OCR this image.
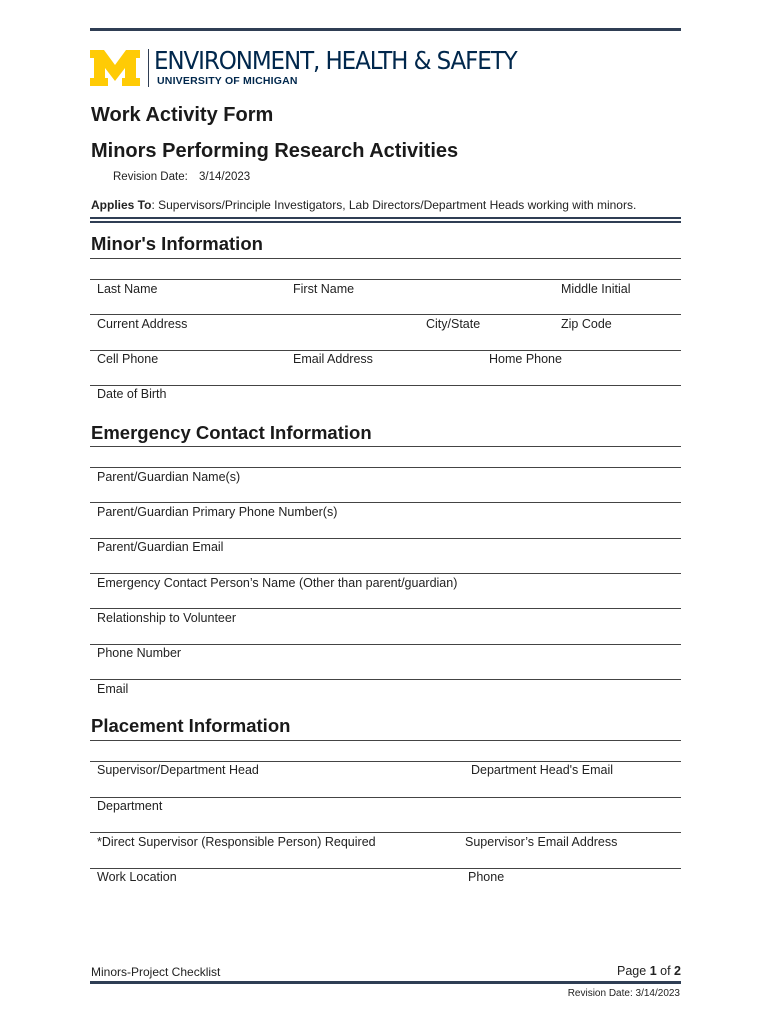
ENVIRONMENT, HEALTH & SAFETY
UNIVERSITY OF MICHIGAN
Work Activity Form
Minors Performing Research Activities
Revision Date: 3/14/2023
Applies To: Supervisors/Principle Investigators, Lab Directors/Department Heads working with minors.
Minor's Information
Last Name	First Name	Middle Initial
Current Address	City/State	Zip Code
Cell Phone	Email Address	Home Phone
Date of Birth
Emergency Contact Information
Parent/Guardian Name(s)
Parent/Guardian Primary Phone Number(s)
Parent/Guardian Email
Emergency Contact Person’s Name (Other than parent/guardian)
Relationship to Volunteer
Phone Number
Email
Placement Information
Supervisor/Department Head	Department Head's Email
Department
*Direct Supervisor (Responsible Person) Required	Supervisor’s Email Address
Work Location	Phone
Minors-Project Checklist	Page 1 of 2
Revision Date: 3/14/2023
